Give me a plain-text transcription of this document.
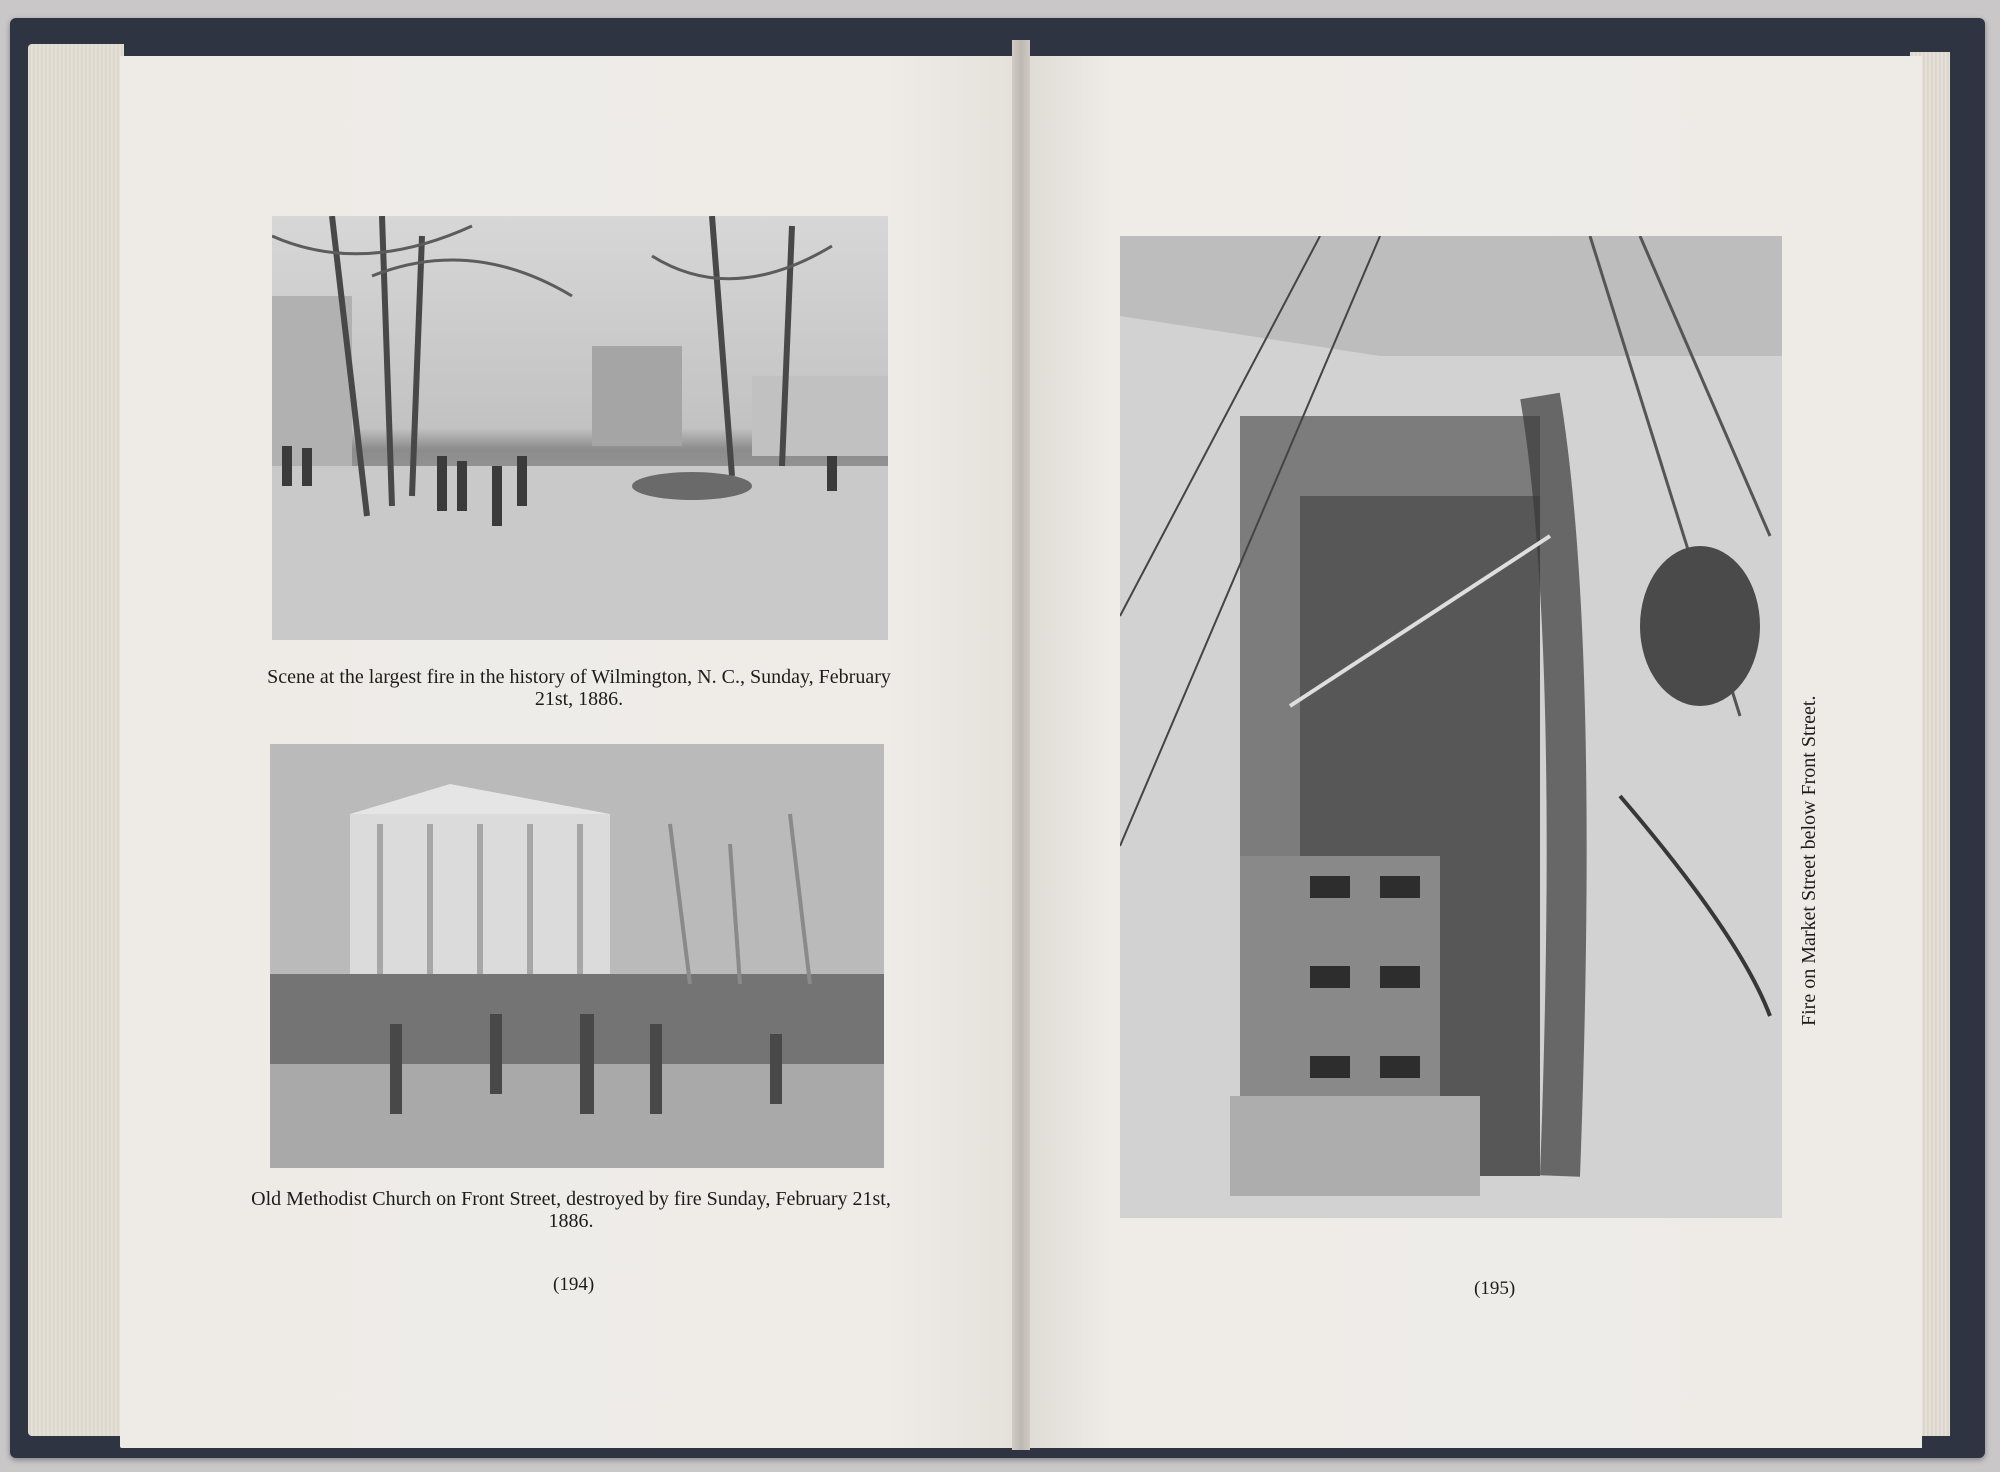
Scene at the largest fire in the history of Wilmington, N. C., Sunday, February 21st, 1886.
Old Methodist Church on Front Street, destroyed by fire Sunday, February 21st, 1886.
(194)
Fire on Market Street below Front Street.
(195)
